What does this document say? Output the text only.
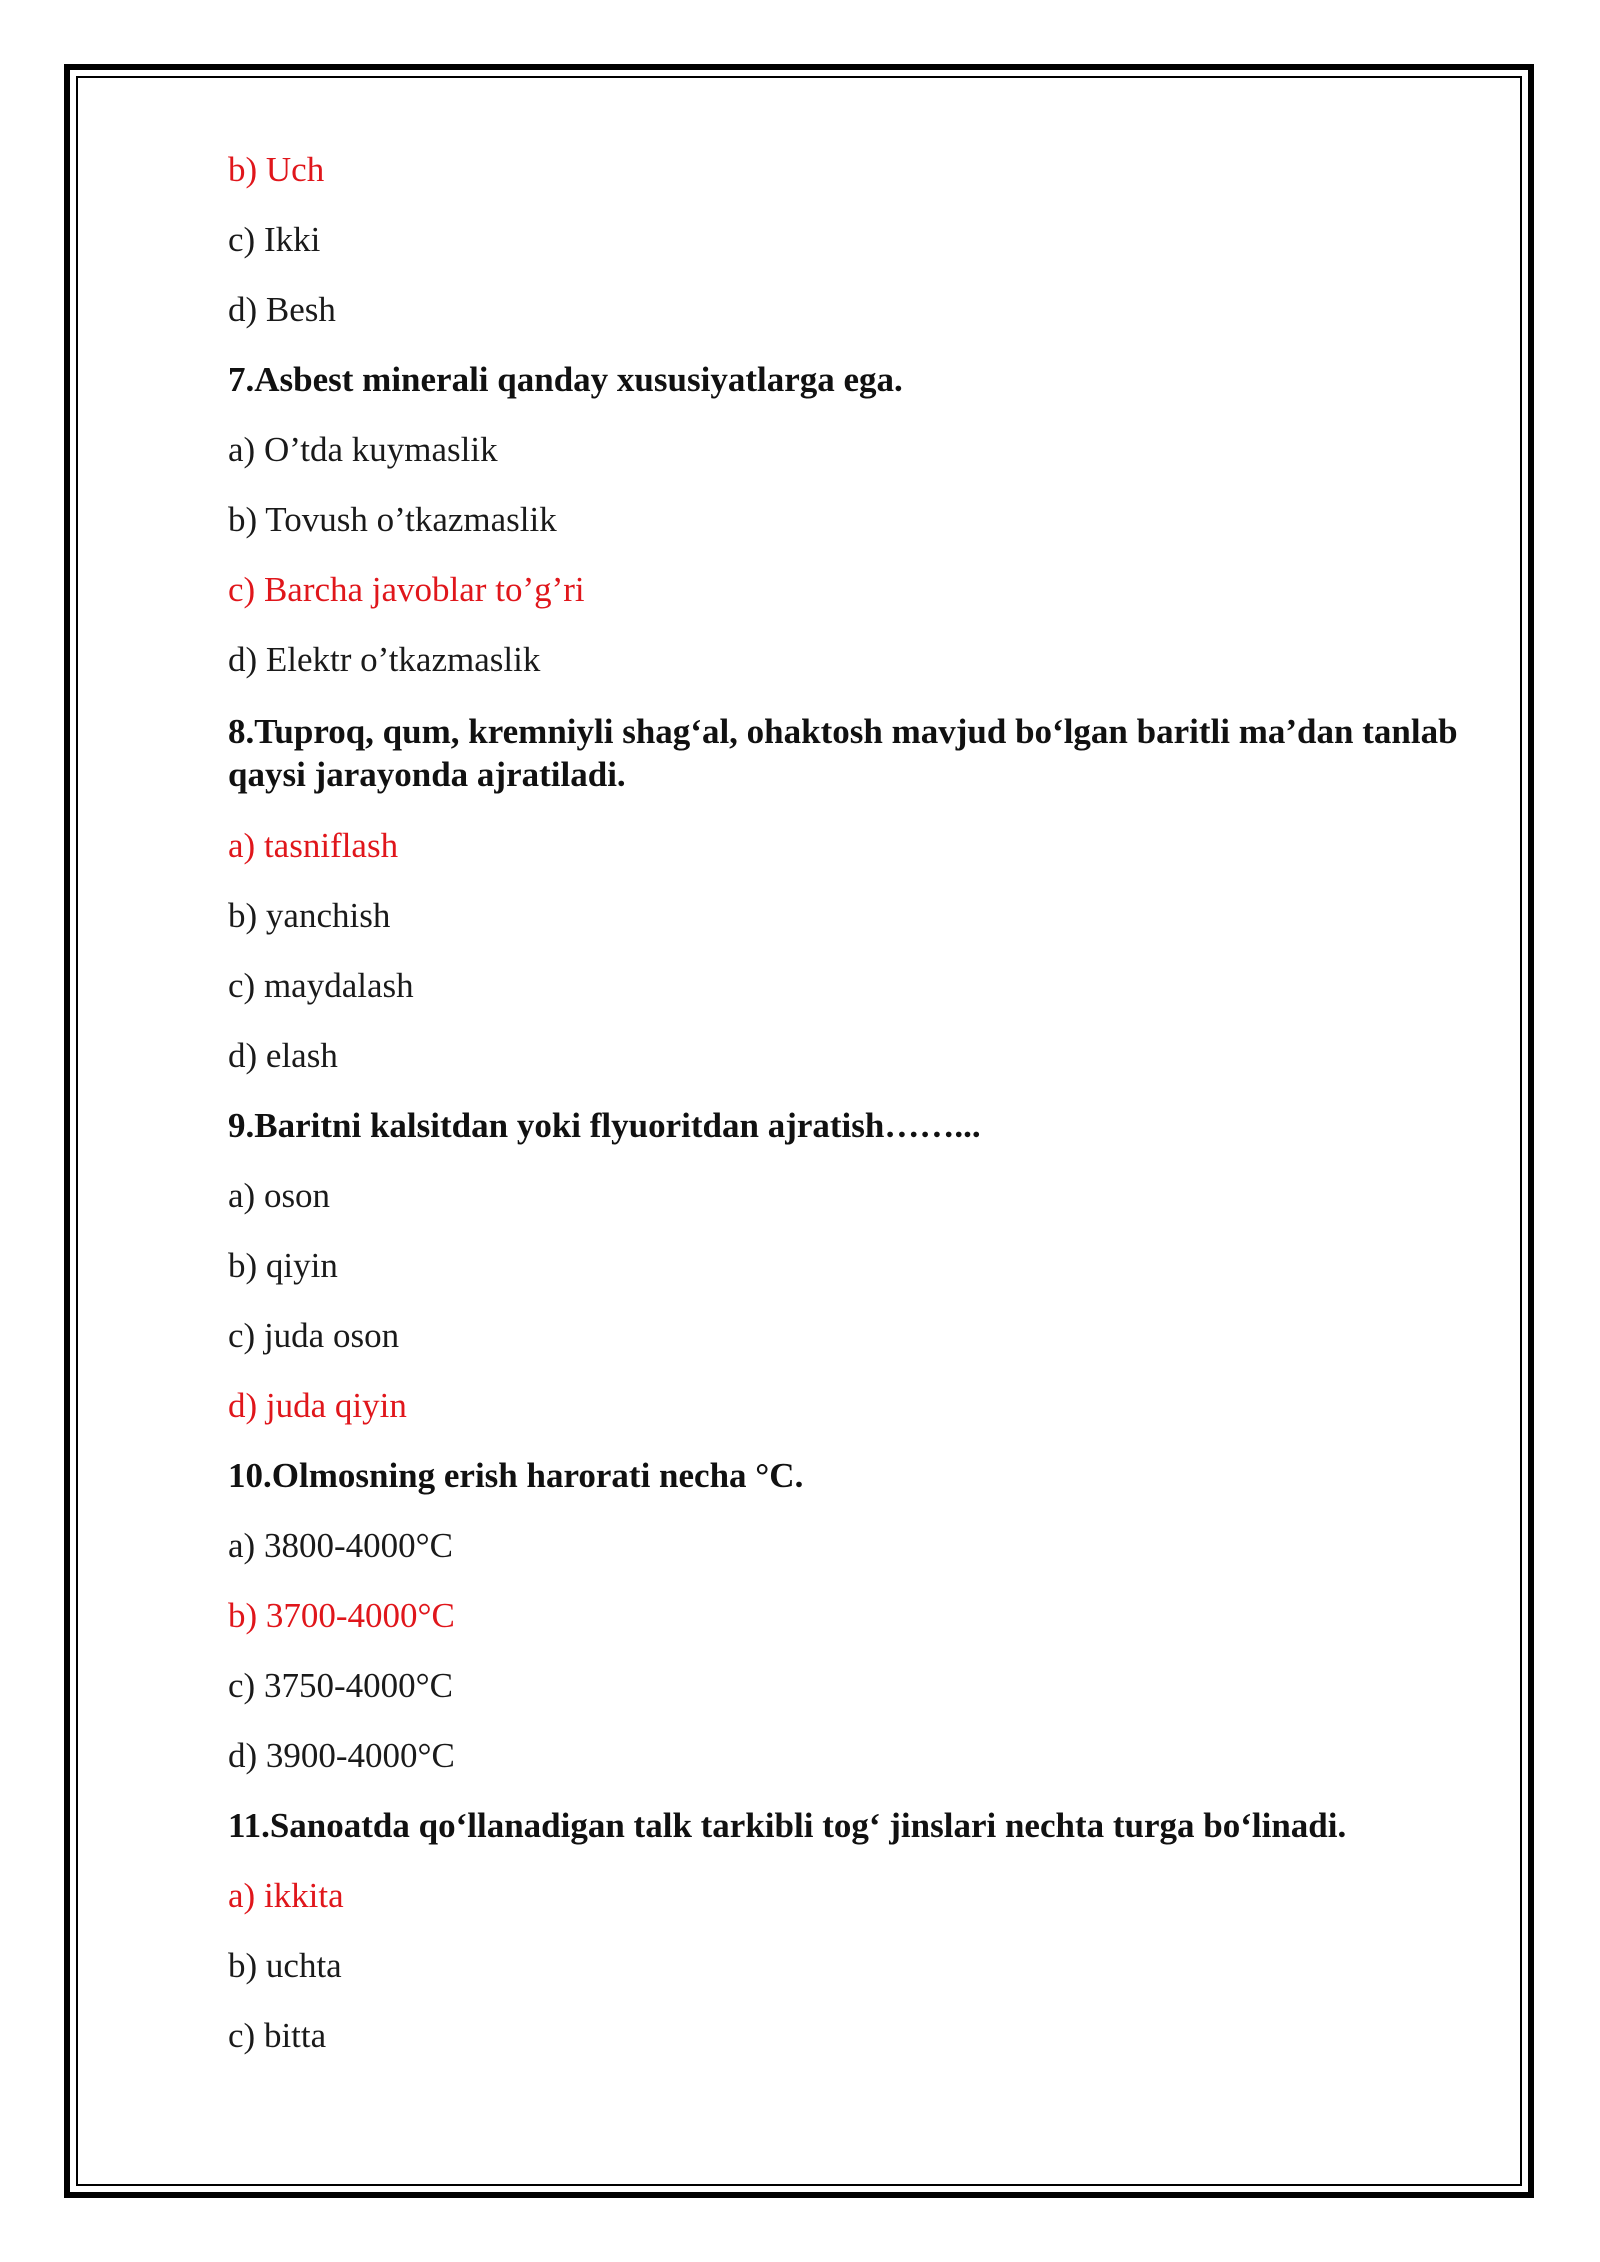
b) Uch
c) Ikki
d) Besh
7.Asbest minerali qanday xususiyatlarga ega.
a) O’tda kuymaslik
b) Tovush o’tkazmaslik
c) Barcha javoblar to’g’ri
d) Elektr o’tkazmaslik
8.Tuproq, qum, kremniyli shag‘al, ohaktosh mavjud bo‘lgan baritli ma’dan tanlab qaysi jarayonda ajratiladi.
a) tasniflash
b) yanchish
c) maydalash
d) elash
9.Baritni kalsitdan yoki flyuoritdan ajratish……...
a) oson
b) qiyin
c) juda oson
d) juda qiyin
10.Olmosning erish harorati necha °C.
a) 3800-4000°C
b) 3700-4000°C
c) 3750-4000°C
d) 3900-4000°C
11.Sanoatda qo‘llanadigan talk tarkibli tog‘ jinslari nechta turga bo‘linadi.
a) ikkita
b) uchta
c) bitta
